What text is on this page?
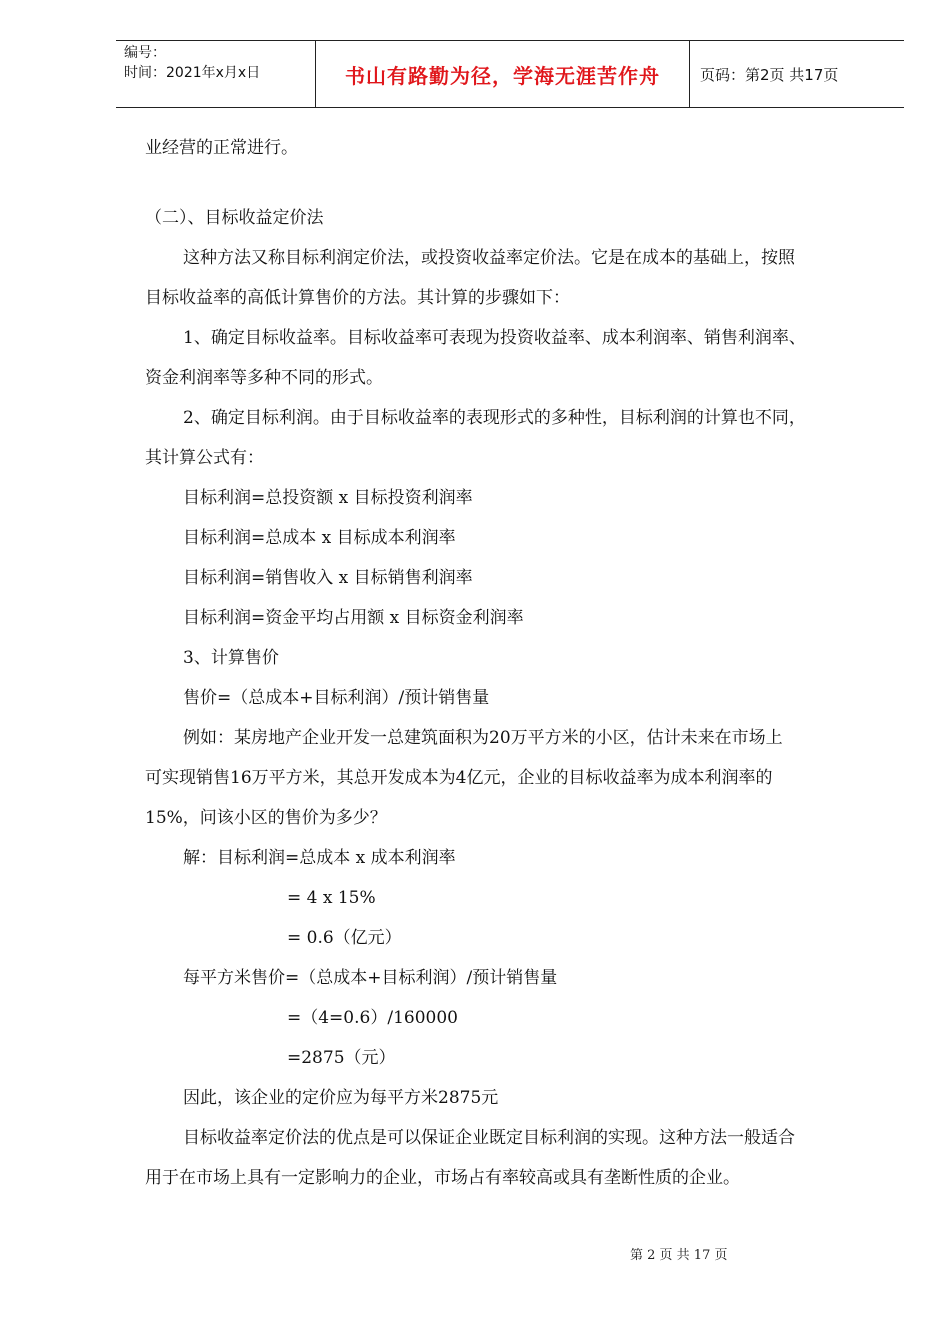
编号：
时间：2021年x月x日	书山有路勤为径，学海无涯苦作舟	页码：第2页 共17页
业经营的正常进行。
（二）、目标收益定价法
这种方法又称目标利润定价法，或投资收益率定价法。它是在成本的基础上，按照
目标收益率的高低计算售价的方法。其计算的步骤如下：
1、确定目标收益率。目标收益率可表现为投资收益率、成本利润率、销售利润率、
资金利润率等多种不同的形式。
2、确定目标利润。由于目标收益率的表现形式的多种性，目标利润的计算也不同，
其计算公式有：
目标利润=总投资额 x 目标投资利润率
目标利润=总成本 x 目标成本利润率
目标利润=销售收入 x 目标销售利润率
目标利润=资金平均占用额 x 目标资金利润率
3、计算售价
售价=（总成本+目标利润）/预计销售量
例如：某房地产企业开发一总建筑面积为20万平方米的小区，估计未来在市场上
可实现销售16万平方米，其总开发成本为4亿元，企业的目标收益率为成本利润率的
15%，问该小区的售价为多少？
解：目标利润=总成本 x 成本利润率
= 4 x 15%
= 0.6（亿元）
每平方米售价=（总成本+目标利润）/预计销售量
=（4=0.6）/160000
=2875（元）
因此，该企业的定价应为每平方米2875元
目标收益率定价法的优点是可以保证企业既定目标利润的实现。这种方法一般适合
用于在市场上具有一定影响力的企业，市场占有率较高或具有垄断性质的企业。
第 2 页 共 17 页
